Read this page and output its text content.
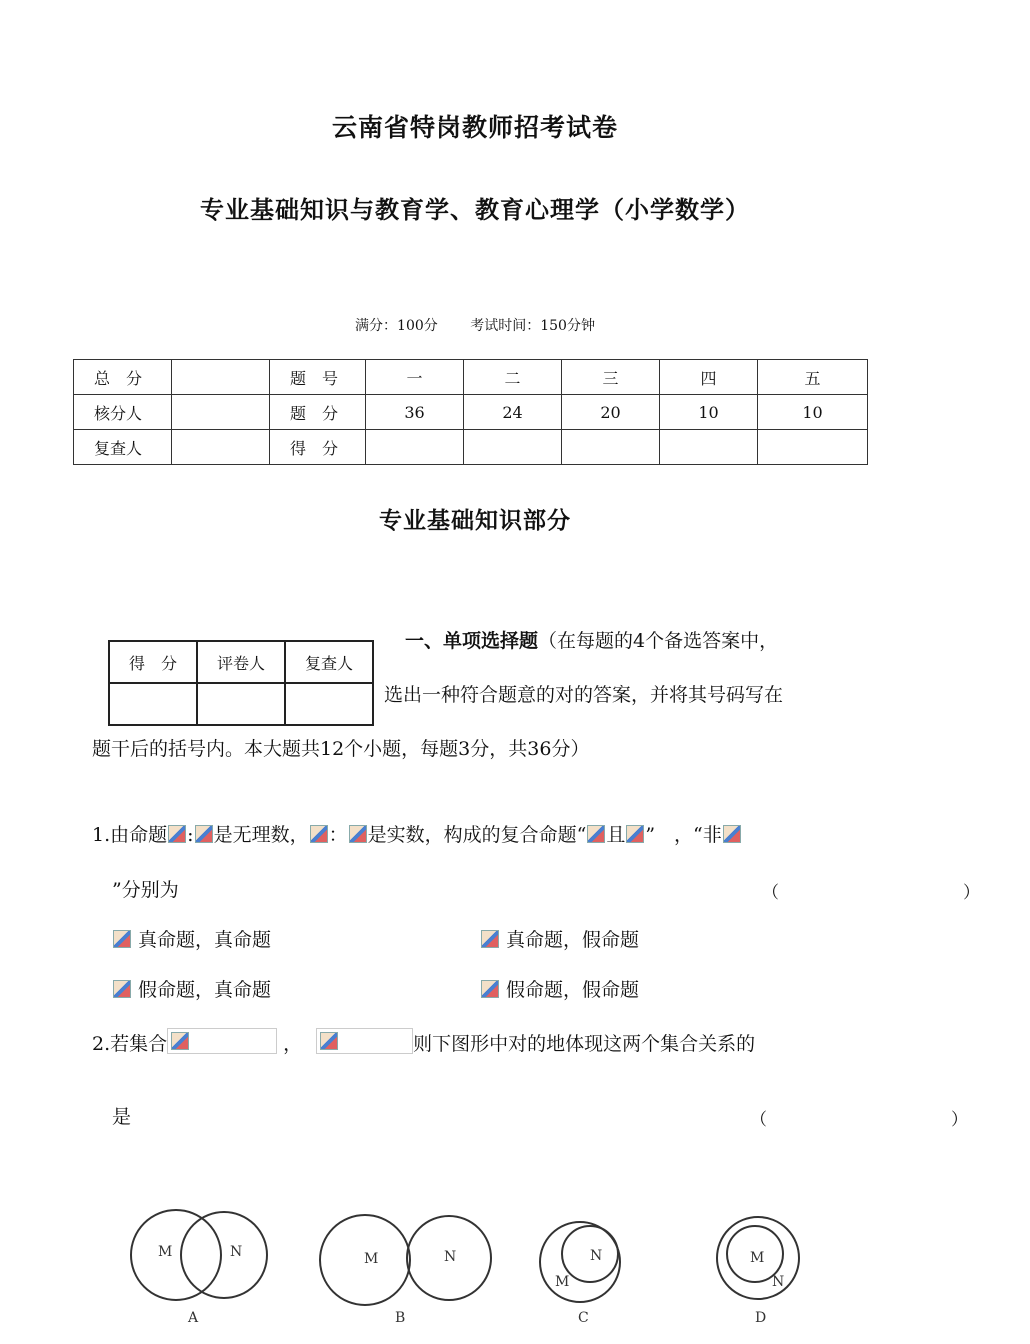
云南省特岗教师招考试卷
专业基础知识与教育学、教育心理学（小学数学）
满分：100分 考试时间：150分钟
总　分		题　号	一	二	三	四	五
核分人		题　分	36	24	20	10	10
复查人		得　分					
专业基础知识部分
得　分	评卷人	复查人

一、单项选择题（在每题的4个备选答案中，
选出一种符合题意的对的答案，并将其号码写在
题干后的括号内。本大题共12个小题，每题3分，共36分）
1.由命题 : 是无理数， ： 是实数，构成的复合命题“ 且 ”　，“非
”分别为	（　　）
真命题，真命题	真命题，假命题
假命题，真命题	假命题，假命题
2.若集合	，	则下图形中对的地体现这两个集合关系的
是	（　　）
M	N
A
M	N
B
N
M
C
M
N
D
